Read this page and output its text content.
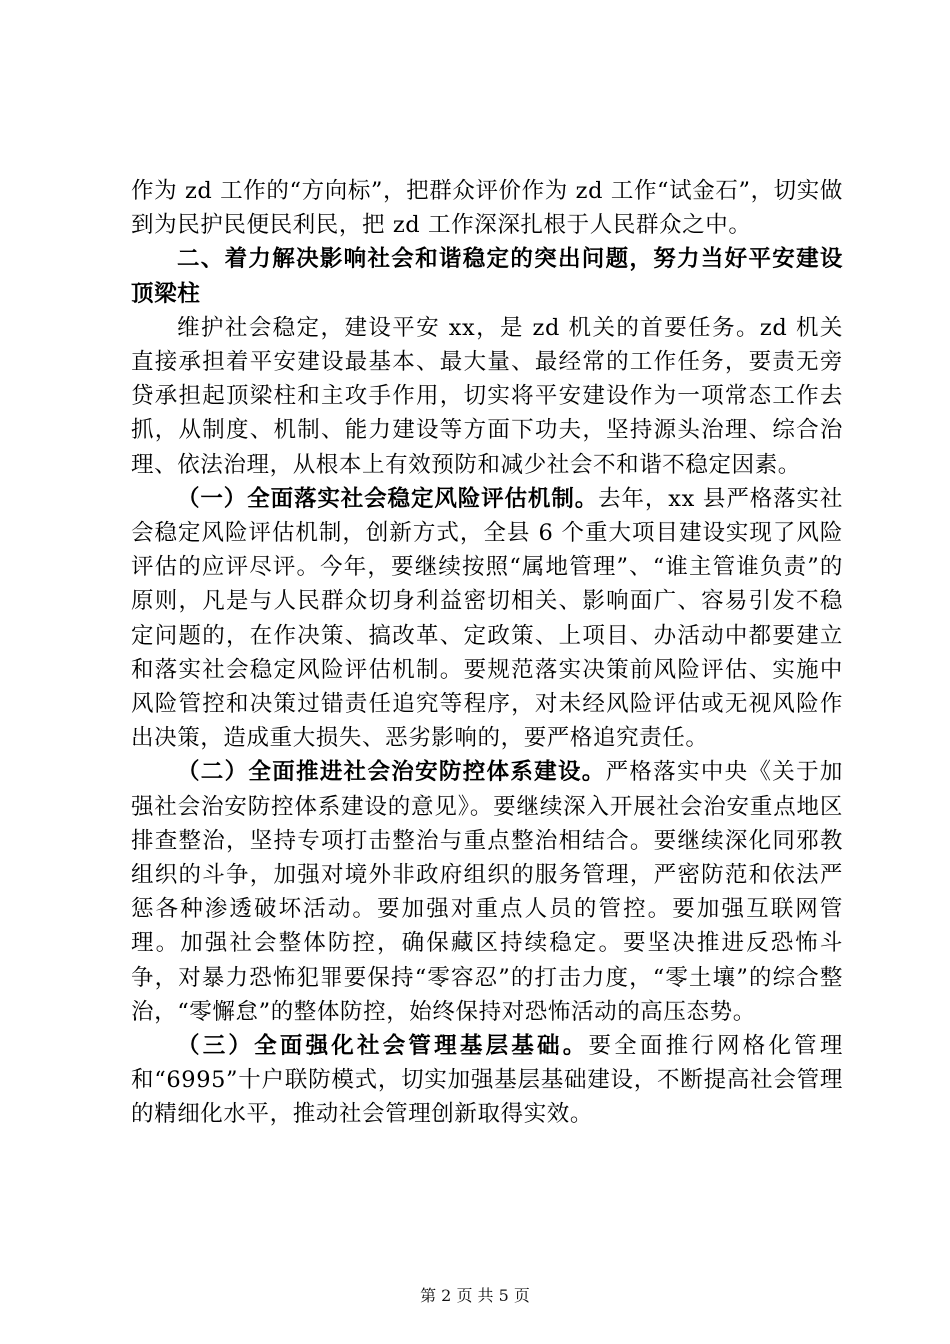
作为 zd 工作的“方向标”，把群众评价作为 zd 工作“试金石”，切实做到为民护民便民利民，把 zd 工作深深扎根于人民群众之中。

二、着力解决影响社会和谐稳定的突出问题，努力当好平安建设顶梁柱

维护社会稳定，建设平安 xx，是 zd 机关的首要任务。zd 机关直接承担着平安建设最基本、最大量、最经常的工作任务，要责无旁贷承担起顶梁柱和主攻手作用，切实将平安建设作为一项常态工作去抓，从制度、机制、能力建设等方面下功夫，坚持源头治理、综合治理、依法治理，从根本上有效预防和减少社会不和谐不稳定因素。

（一）全面落实社会稳定风险评估机制。去年，xx 县严格落实社会稳定风险评估机制，创新方式，全县 6 个重大项目建设实现了风险评估的应评尽评。今年，要继续按照“属地管理”、“谁主管谁负责”的原则，凡是与人民群众切身利益密切相关、影响面广、容易引发不稳定问题的，在作决策、搞改革、定政策、上项目、办活动中都要建立和落实社会稳定风险评估机制。要规范落实决策前风险评估、实施中风险管控和决策过错责任追究等程序，对未经风险评估或无视风险作出决策，造成重大损失、恶劣影响的，要严格追究责任。

（二）全面推进社会治安防控体系建设。严格落实中央《关于加强社会治安防控体系建设的意见》。要继续深入开展社会治安重点地区排查整治，坚持专项打击整治与重点整治相结合。要继续深化同邪教组织的斗争，加强对境外非政府组织的服务管理，严密防范和依法严惩各种渗透破坏活动。要加强对重点人员的管控。要加强互联网管理。加强社会整体防控，确保藏区持续稳定。要坚决推进反恐怖斗争，对暴力恐怖犯罪要保持“零容忍”的打击力度，“零土壤”的综合整治，“零懈怠”的整体防控，始终保持对恐怖活动的高压态势。

（三）全面强化社会管理基层基础。要全面推行网格化管理和“6995”十户联防模式，切实加强基层基础建设，不断提高社会管理的精细化水平，推动社会管理创新取得实效。

第 2 页 共 5 页
